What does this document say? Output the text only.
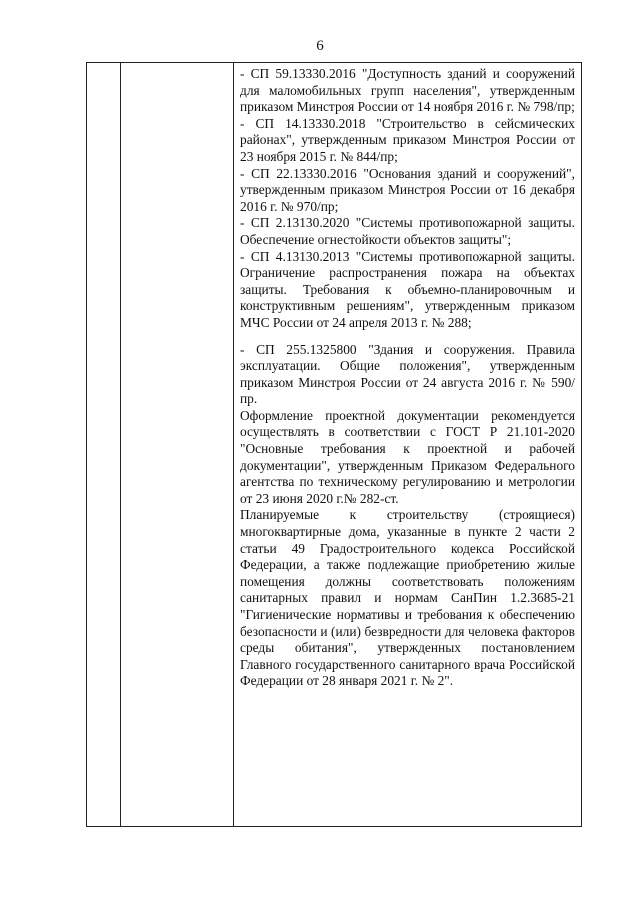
6

- СП 59.13330.2016 "Доступность зданий и сооружений для маломобильных групп населения", утвержденным приказом Минстроя России от 14 ноября 2016 г. № 798/пр;

- СП 14.13330.2018 "Строительство в сейсмических районах", утвержденным приказом Минстроя России от 23 ноября 2015 г. № 844/пр;

- СП 22.13330.2016 "Основания зданий и сооружений", утвержденным приказом Минстроя России от 16 декабря 2016 г. № 970/пр;

- СП 2.13130.2020 "Системы противопожарной защиты. Обеспечение огнестойкости объектов защиты";

- СП 4.13130.2013 "Системы противопожарной защиты. Ограничение распространения пожара на объектах защиты. Требования к объемно-планировочным и конструктивным решениям", утвержденным приказом МЧС России от 24 апреля 2013 г. № 288;

- СП 255.1325800 "Здания и сооружения. Правила эксплуатации. Общие положения", утвержденным приказом Минстроя России от 24 августа 2016 г. № 590/пр.

Оформление проектной документации рекомендуется осуществлять в соответствии с ГОСТ Р 21.101-2020 "Основные требования к проектной и рабочей документации", утвержденным Приказом Федерального агентства по техническому регулированию и метрологии от 23 июня 2020 г.№ 282-ст.

Планируемые к строительству (строящиеся) многоквартирные дома, указанные в пункте 2 части 2 статьи 49 Градостроительного кодекса Российской Федерации, а также подлежащие приобретению жилые помещения должны соответствовать положениям санитарных правил и нормам СанПин 1.2.3685-21 "Гигиенические нормативы и требования к обеспечению безопасности и (или) безвредности для человека факторов среды обитания", утвержденных постановлением Главного государственного санитарного врача Российской Федерации от 28 января 2021 г. № 2".
